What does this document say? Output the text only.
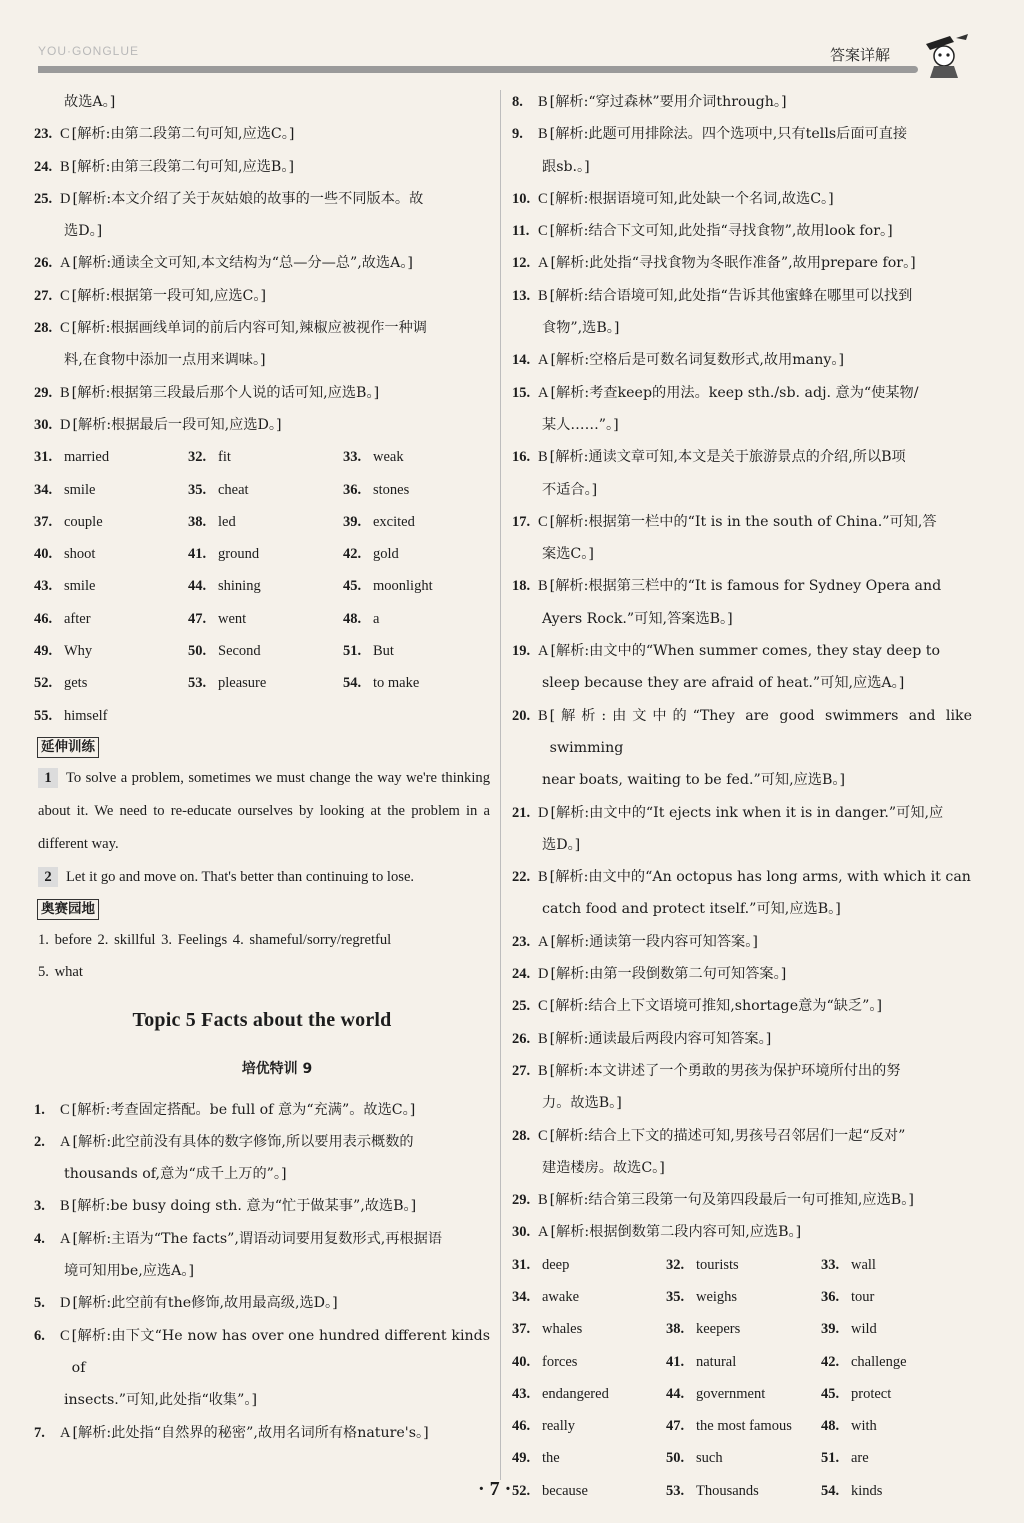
YOU·GONGLUE	答案详解
故选A。]
23. C [解析:由第二段第二句可知,应选C。]
24. B [解析:由第三段第二句可知,应选B。]
25. D [解析:本文介绍了关于灰姑娘的故事的一些不同版本。故
选D。]
26. A [解析:通读全文可知,本文结构为“总—分—总”,故选A。]
27. C [解析:根据第一段可知,应选C。]
28. C [解析:根据画线单词的前后内容可知,辣椒应被视作一种调
料,在食物中添加一点用来调味。]
29. B [解析:根据第三段最后那个人说的话可知,应选B。]
30. D [解析:根据最后一段可知,应选D。]
31. married	32. fit	33. weak
34. smile	35. cheat	36. stones
37. couple	38. led	39. excited
40. shoot	41. ground	42. gold
43. smile	44. shining	45. moonlight
46. after	47. went	48. a
49. Why	50. Second	51. But
52. gets	53. pleasure	54. to make
55. himself
延伸训练
1 To solve a problem, sometimes we must change the way we're thinking about it. We need to re-educate ourselves by looking at the problem in a different way.
2 Let it go and move on. That's better than continuing to lose.
奥赛园地
1. before 2. skillful 3. Feelings 4. shameful/sorry/regretful
5. what
Topic 5 Facts about the world
培优特训 9
1.	C [解析:考查固定搭配。be full of 意为“充满”。故选C。]
2.	A [解析:此空前没有具体的数字修饰,所以要用表示概数的
thousands of,意为“成千上万的”。]
3.	B [解析:be busy doing sth. 意为“忙于做某事”,故选B。]
4.	A [解析:主语为“The facts”,谓语动词要用复数形式,再根据语
境可知用be,应选A。]
5.	D [解析:此空前有the修饰,故用最高级,选D。]
6.	C [解析:由下文“He now has over one hundred different kinds of
insects.”可知,此处指“收集”。]
7.	A [解析:此处指“自然界的秘密”,故用名词所有格nature's。]
8.	B [解析:“穿过森林”要用介词through。]
9.	B [解析:此题可用排除法。四个选项中,只有tells后面可直接
跟sb.。]
10. C [解析:根据语境可知,此处缺一个名词,故选C。]
11. C [解析:结合下文可知,此处指“寻找食物”,故用look for。]
12. A [解析:此处指“寻找食物为冬眠作准备”,故用prepare for。]
13. B [解析:结合语境可知,此处指“告诉其他蜜蜂在哪里可以找到
食物”,选B。]
14. A [解析:空格后是可数名词复数形式,故用many。]
15. A [解析:考查keep的用法。keep sth./sb. adj. 意为“使某物/
某人……”。]
16. B [解析:通读文章可知,本文是关于旅游景点的介绍,所以B项
不适合。]
17. C [解析:根据第一栏中的“It is in the south of China.”可知,答
案选C。]
18. B [解析:根据第三栏中的“It is famous for Sydney Opera and
Ayers Rock.”可知,答案选B。]
19. A [解析:由文中的“When summer comes, they stay deep to
sleep because they are afraid of heat.”可知,应选A。]
20. B [解析:由文中的“They are good swimmers and like swimming
near boats, waiting to be fed.”可知,应选B。]
21. D [解析:由文中的“It ejects ink when it is in danger.”可知,应
选D。]
22. B [解析:由文中的“An octopus has long arms, with which it can
catch food and protect itself.”可知,应选B。]
23. A [解析:通读第一段内容可知答案。]
24. D [解析:由第一段倒数第二句可知答案。]
25. C [解析:结合上下文语境可推知,shortage意为“缺乏”。]
26. B [解析:通读最后两段内容可知答案。]
27. B [解析:本文讲述了一个勇敢的男孩为保护环境所付出的努
力。故选B。]
28. C [解析:结合上下文的描述可知,男孩号召邻居们一起“反对”
建造楼房。故选C。]
29. B [解析:结合第三段第一句及第四段最后一句可推知,应选B。]
30. A [解析:根据倒数第二段内容可知,应选B。]
31. deep	32. tourists	33. wall
34. awake	35. weighs	36. tour
37. whales	38. keepers	39. wild
40. forces	41. natural	42. challenge
43. endangered	44. government	45. protect
46. really	47. the most famous 48. with
49. the	50. such	51. are
52. because	53. Thousands	54. kinds
· 7 ·
